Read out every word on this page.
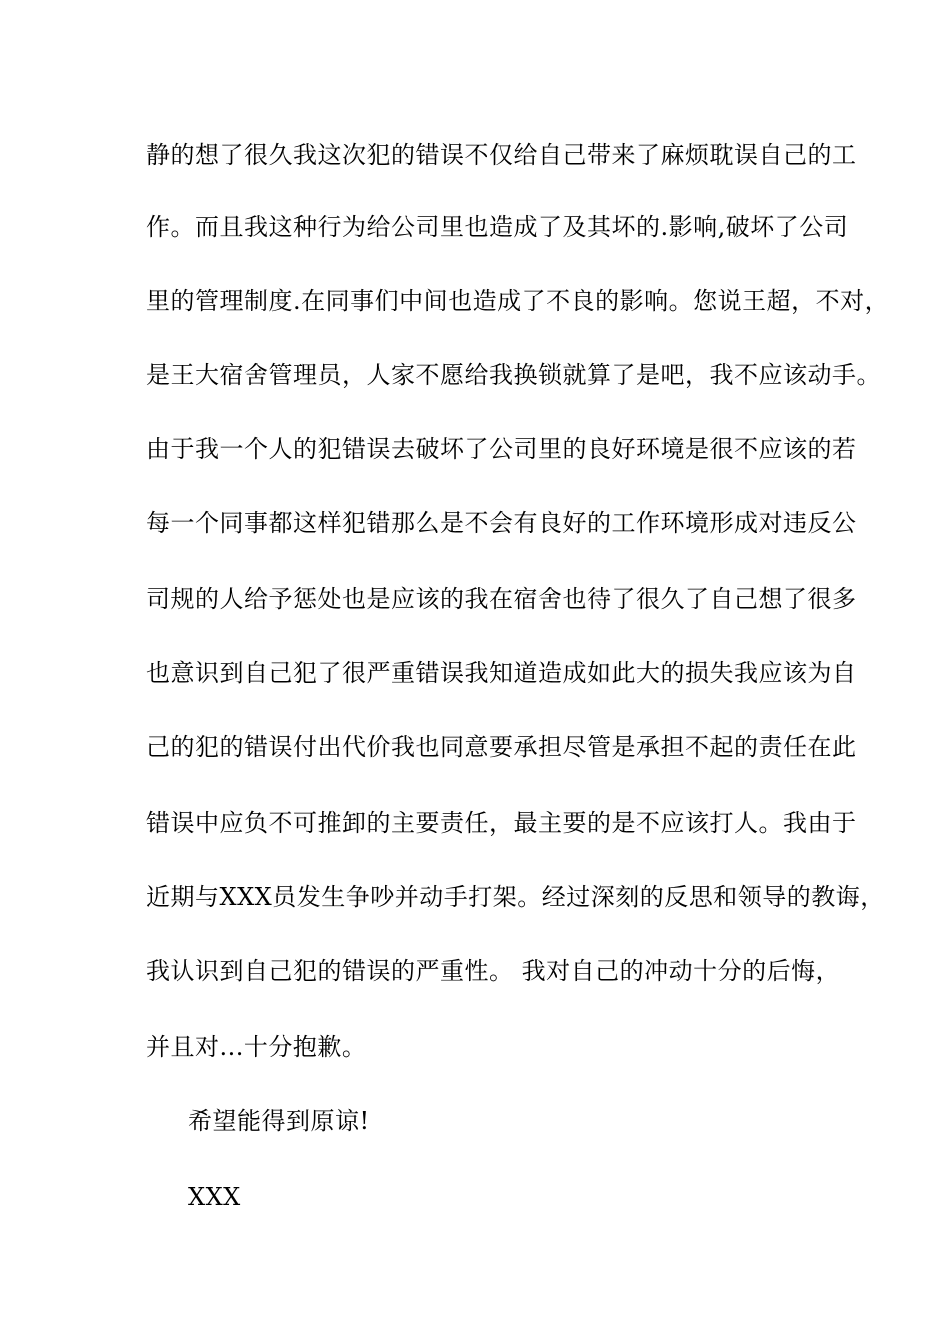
静的想了很久我这次犯的错误不仅给自己带来了麻烦耽误自己的工
作。而且我这种行为给公司里也造成了及其坏的.影响,破坏了公司
里的管理制度.在同事们中间也造成了不良的影响。您说王超，不对，
是王大宿舍管理员，人家不愿给我换锁就算了是吧，我不应该动手。
由于我一个人的犯错误去破坏了公司里的良好环境是很不应该的若
每一个同事都这样犯错那么是不会有良好的工作环境形成对违反公
司规的人给予惩处也是应该的我在宿舍也待了很久了自己想了很多
也意识到自己犯了很严重错误我知道造成如此大的损失我应该为自
己的犯的错误付出代价我也同意要承担尽管是承担不起的责任在此
错误中应负不可推卸的主要责任，最主要的是不应该打人。我由于
近期与XXX员发生争吵并动手打架。经过深刻的反思和领导的教诲，
我认识到自己犯的错误的严重性。 我对自己的冲动十分的后悔，
并且对...十分抱歉。
希望能得到原谅!
XXX
